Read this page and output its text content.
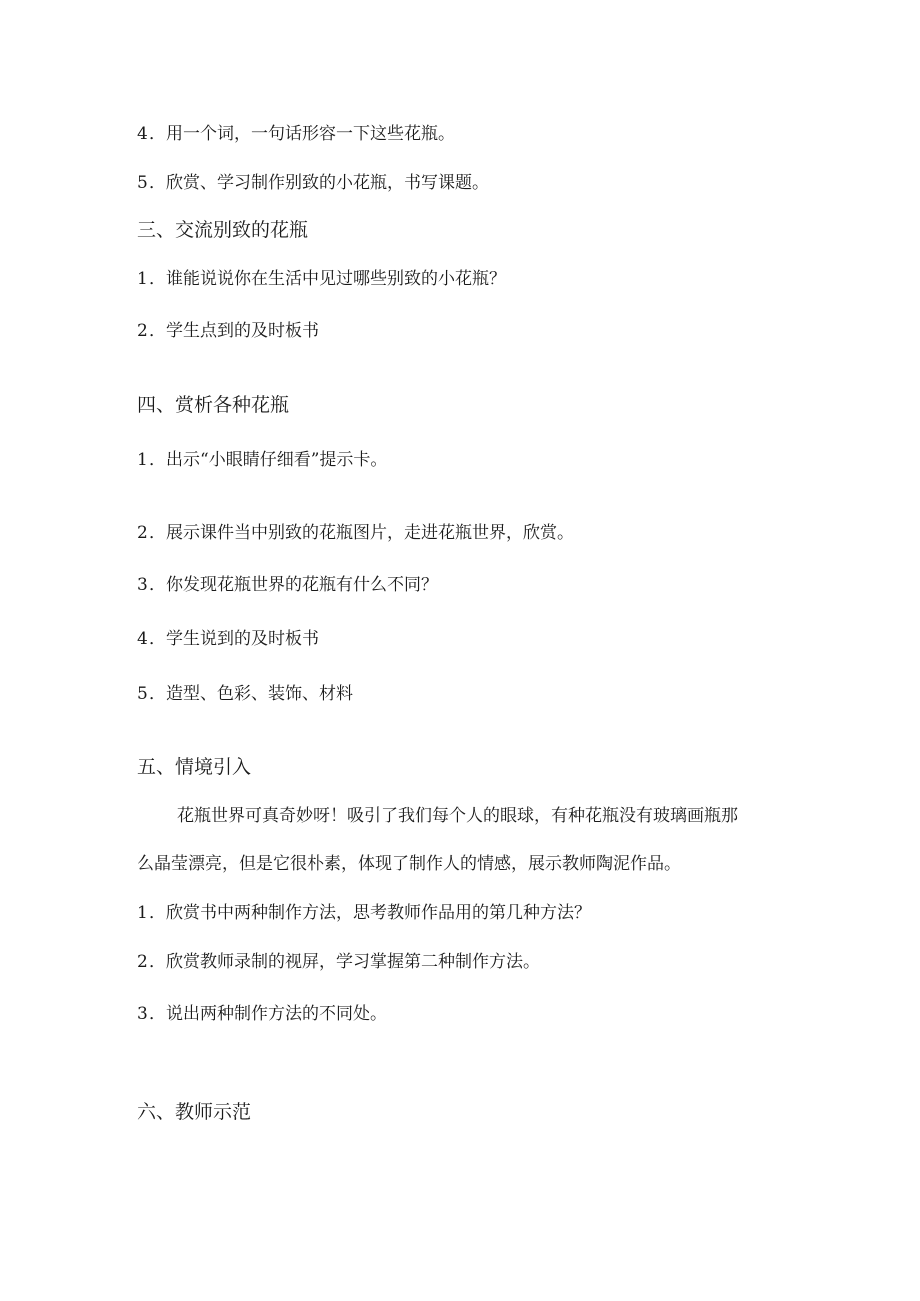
4．用一个词，一句话形容一下这些花瓶。
5．欣赏、学习制作别致的小花瓶，书写课题。
三、交流别致的花瓶
1．谁能说说你在生活中见过哪些别致的小花瓶？
2．学生点到的及时板书
四、赏析各种花瓶
1．出示“小眼睛仔细看”提示卡。
2．展示课件当中别致的花瓶图片，走进花瓶世界，欣赏。
3．你发现花瓶世界的花瓶有什么不同？
4．学生说到的及时板书
5．造型、色彩、装饰、材料
五、情境引入
花瓶世界可真奇妙呀！吸引了我们每个人的眼球，有种花瓶没有玻璃画瓶那
么晶莹漂亮，但是它很朴素，体现了制作人的情感，展示教师陶泥作品。
1．欣赏书中两种制作方法，思考教师作品用的第几种方法？
2．欣赏教师录制的视屏，学习掌握第二种制作方法。
3．说出两种制作方法的不同处。
六、教师示范
